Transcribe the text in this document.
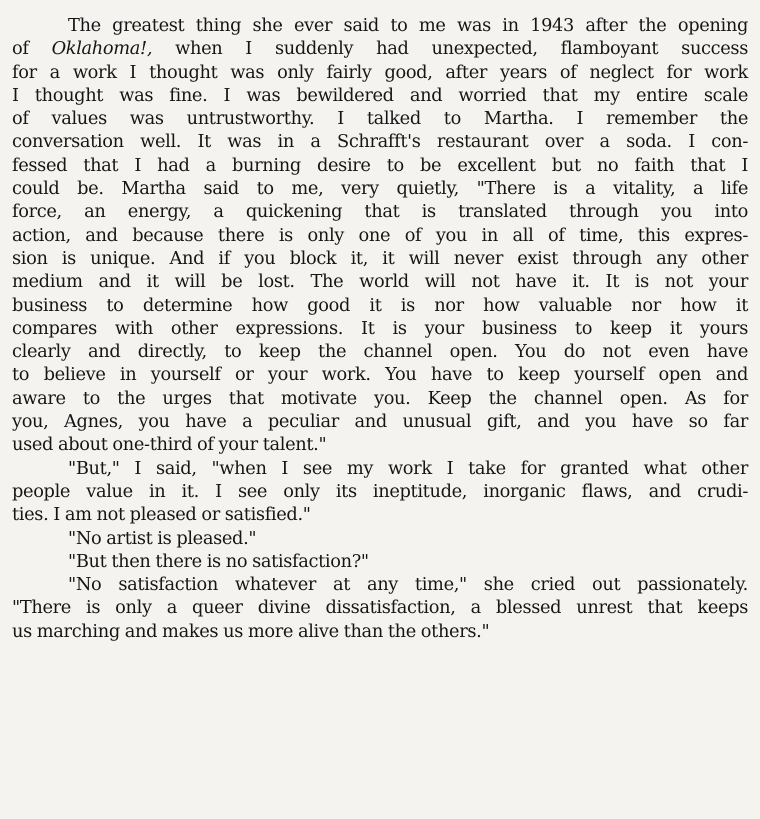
The greatest thing she ever said to me was in 1943 after the opening
of Oklahoma!, when I suddenly had unexpected, flamboyant success
for a work I thought was only fairly good, after years of neglect for work
I thought was fine. I was bewildered and worried that my entire scale
of values was untrustworthy. I talked to Martha. I remember the
conversation well. It was in a Schrafft's restaurant over a soda. I con-
fessed that I had a burning desire to be excellent but no faith that I
could be. Martha said to me, very quietly, "There is a vitality, a life
force, an energy, a quickening that is translated through you into
action, and because there is only one of you in all of time, this expres-
sion is unique. And if you block it, it will never exist through any other
medium and it will be lost. The world will not have it. It is not your
business to determine how good it is nor how valuable nor how it
compares with other expressions. It is your business to keep it yours
clearly and directly, to keep the channel open. You do not even have
to believe in yourself or your work. You have to keep yourself open and
aware to the urges that motivate you. Keep the channel open. As for
you, Agnes, you have a peculiar and unusual gift, and you have so far
used about one-third of your talent."
"But," I said, "when I see my work I take for granted what other
people value in it. I see only its ineptitude, inorganic flaws, and crudi-
ties. I am not pleased or satisfied."
"No artist is pleased."
"But then there is no satisfaction?"
"No satisfaction whatever at any time," she cried out passionately.
"There is only a queer divine dissatisfaction, a blessed unrest that keeps
us marching and makes us more alive than the others."
